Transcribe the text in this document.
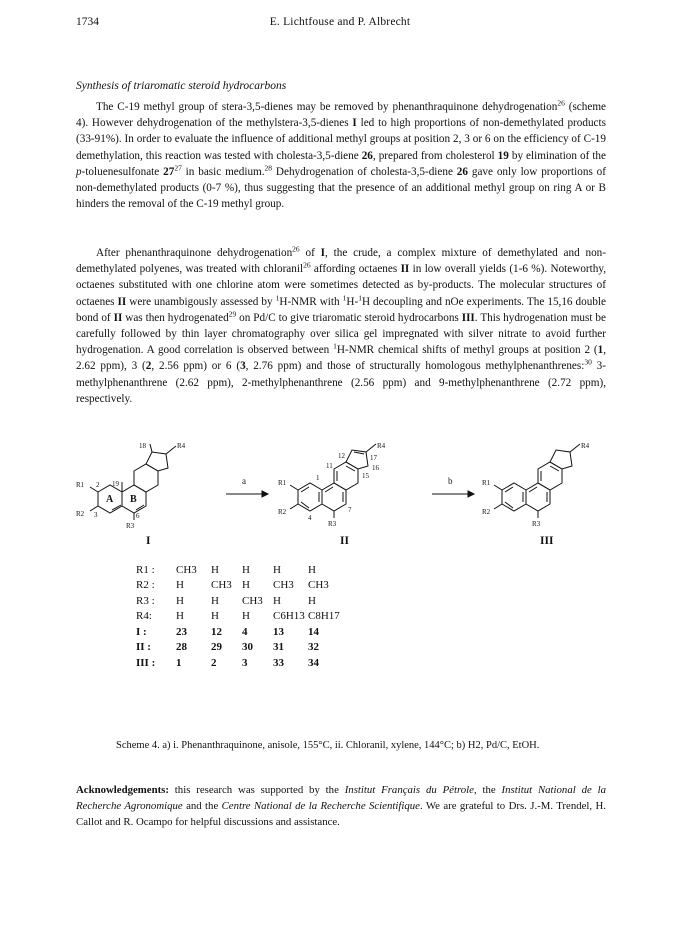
1734	E. Lichtfouse and P. Albrecht
Synthesis of triaromatic steroid hydrocarbons

The C-19 methyl group of stera-3,5-dienes may be removed by phenanthraquinone dehydrogenation$^{26}$ (scheme 4). However dehydrogenation of the methylstera-3,5-dienes I led to high proportions of non-demethylated products (33-91%). In order to evaluate the influence of additional methyl groups at position 2, 3 or 6 on the efficiency of C-19 demethylation, this reaction was tested with cholesta-3,5-diene 26, prepared from cholesterol 19 by elimination of the p-toluenesulfonate $27^{27}$ in basic medium.$^{28}$ Dehydrogenation of cholesta-3,5-diene 26 gave only low proportions of non-demethylated products (0-7 %), thus suggesting that the presence of an additional methyl group on ring A or B hinders the removal of the C-19 methyl group.

After phenanthraquinone dehydrogenation$^{26}$ of I, the crude, a complex mixture of demethylated and non-demethylated polyenes, was treated with chloranil$^{26}$ affording octaenes II in low overall yields (1-6 %). Noteworthy, octaenes substituted with one chlorine atom were sometimes detected as by-products. The molecular structures of octaenes II were unambigously assessed by $^1$H-NMR with $^1$H-$^1$H decoupling and nOe experiments. The 15,16 double bond of II was then hydrogenated$^{29}$ on Pd/C to give triaromatic steroid hydrocarbons III. This hydrogenation must be carefully followed by thin layer chromatography over silica gel impregnated with silver nitrate to avoid further hydrogenation. A good correlation is observed between $^1$H-NMR chemical shifts of methyl groups at position 2 (1, 2.62 ppm), 3 (2, 2.56 ppm) or 6 (3, 2.76 ppm) and those of structurally homologous methylphenanthrenes:$^{30}$ 3-methylphenanthrene (2.62 ppm), 2-methylphenanthrene (2.56 ppm) and 9-methylphenanthrene (2.72 ppm), respectively.

A B
18
19
2
3	6
R1
R2
R3
R4
a
11
12	17
16
15
1
4
7
R1
R2
R3
R4
b	R1
R2
R3
R4
I	II	III
R1 :	CH3	H	H	H	H
R2 :	H	CH3	H	CH3	CH3
R3 :	H	H	CH3	H	H
R4:	H	H	H	C6H13	C8H17
I :	23	12	4	13	14
II :	28	29	30	31	32
III :	1	2	3	33	34
Scheme 4. a) i. Phenanthraquinone, anisole, 155°C, ii. Chloranil, xylene, 144°C; b) H2, Pd/C, EtOH.
Acknowledgements: this research was supported by the Institut Français du Pétrole, the Institut National de la Recherche Agronomique and the Centre National de la Recherche Scientifique. We are grateful to Drs. J.-M. Trendel, H. Callot and R. Ocampo for helpful discussions and assistance.
